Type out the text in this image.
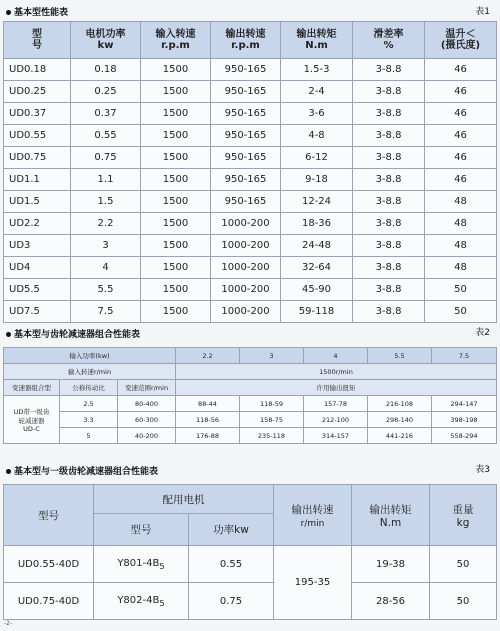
基本型性能表	表1
型
号	电机功率
kw	输入转速
r.p.m	输出转速
r.p.m	输出转矩
N.m	滑差率
%	温升＜
(摄氏度)
UD0.18	0.18	1500	950-165	1.5-3	3-8.8	46
UD0.25	0.25	1500	950-165	2-4	3-8.8	46
UD0.37	0.37	1500	950-165	3-6	3-8.8	46
UD0.55	0.55	1500	950-165	4-8	3-8.8	46
UD0.75	0.75	1500	950-165	6-12	3-8.8	46
UD1.1	1.1	1500	950-165	9-18	3-8.8	46
UD1.5	1.5	1500	950-165	12-24	3-8.8	48
UD2.2	2.2	1500	1000-200	18-36	3-8.8	48
UD3	3	1500	1000-200	24-48	3-8.8	48
UD4	4	1500	1000-200	32-64	3-8.8	48
UD5.5	5.5	1500	1000-200	45-90	3-8.8	50
UD7.5	7.5	1500	1000-200	59-118	3-8.8	50
基本型与齿轮减速器组合性能表	表2
输入功率(kw)			2.2	3	4	5.5	7.5
输入转速r/min			1500r/min				
变速器组合型	公称传动比	变速范围r/min	许用输出扭矩				
UD带一级齿
轮减速器
UD-C	2.5	80-400	88-44	118-59	157-78	216-108	294-147
	3.3	60-300	118-56	158-75	212-100	298-140	398-198
	5	40-200	176-88	235-118	314-157	441-216	558-294
基本型与一级齿轮减速器组合性能表	表3
型号	配用电机		输出转速
r/min	输出转矩
N.m	重量
kg
	型号	功率kw			
UD0.55-40D	$Y801-4B_5$	0.55	195-35	19-38	50
UD0.75-40D	$Y802-4B_5$	0.75		28-56	50
-2-
